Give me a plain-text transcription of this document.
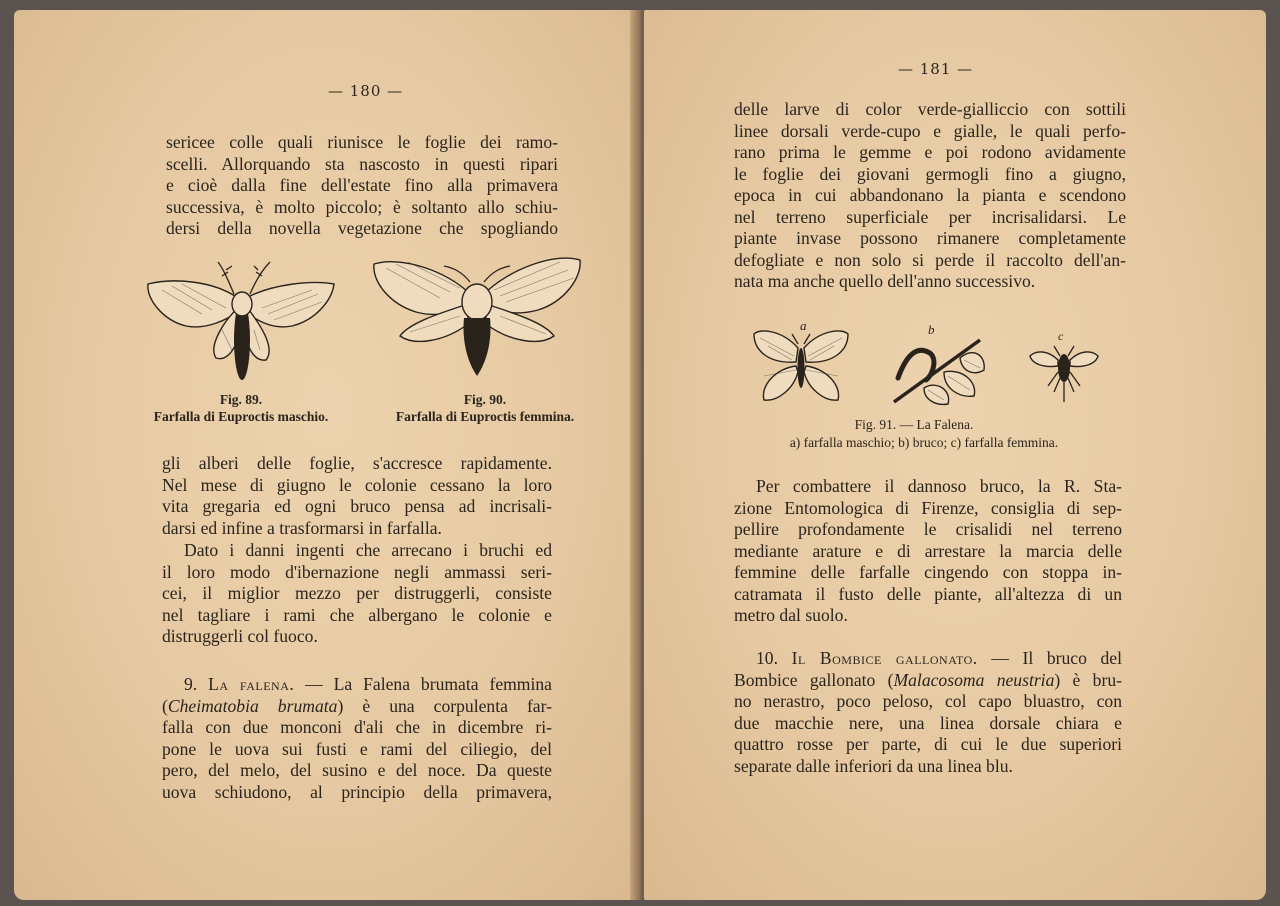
— 180 —
sericee colle quali riunisce le foglie dei ramo-
scelli. Allorquando sta nascosto in questi ripari
e cioè dalla fine dell'estate fino alla primavera
successiva, è molto piccolo; è soltanto allo schiu-
dersi della novella vegetazione che spogliando
Fig. 89.
Farfalla di Euproctis maschio.
Fig. 90.
Farfalla di Euproctis femmina.
gli alberi delle foglie, s'accresce rapidamente.
Nel mese di giugno le colonie cessano la loro
vita gregaria ed ogni bruco pensa ad incrisali-
darsi ed infine a trasformarsi in farfalla.
Dato i danni ingenti che arrecano i bruchi ed
il loro modo d'ibernazione negli ammassi seri-
cei, il miglior mezzo per distruggerli, consiste
nel tagliare i rami che albergano le colonie e
distruggerli col fuoco.
9. La falena. — La Falena brumata femmina
(Cheimatobia brumata) è una corpulenta far-
falla con due monconi d'ali che in dicembre ri-
pone le uova sui fusti e rami del ciliegio, del
pero, del melo, del susino e del noce. Da queste
uova schiudono, al principio della primavera,
— 181 —
delle larve di color verde-gialliccio con sottili
linee dorsali verde-cupo e gialle, le quali perfo-
rano prima le gemme e poi rodono avidamente
le foglie dei giovani germogli fino a giugno,
epoca in cui abbandonano la pianta e scendono
nel terreno superficiale per incrisalidarsi. Le
piante invase possono rimanere completamente
defogliate e non solo si perde il raccolto dell'an-
nata ma anche quello dell'anno successivo.
a	b	c
Fig. 91. — La Falena.
a) farfalla maschio; b) bruco; c) farfalla femmina.
Per combattere il dannoso bruco, la R. Sta-
zione Entomologica di Firenze, consiglia di sep-
pellire profondamente le crisalidi nel terreno
mediante arature e di arrestare la marcia delle
femmine delle farfalle cingendo con stoppa in-
catramata il fusto delle piante, all'altezza di un
metro dal suolo.
10. Il Bombice gallonato. — Il bruco del
Bombice gallonato (Malacosoma neustria) è bru-
no nerastro, poco peloso, col capo bluastro, con
due macchie nere, una linea dorsale chiara e
quattro rosse per parte, di cui le due superiori
separate dalle inferiori da una linea blu.
